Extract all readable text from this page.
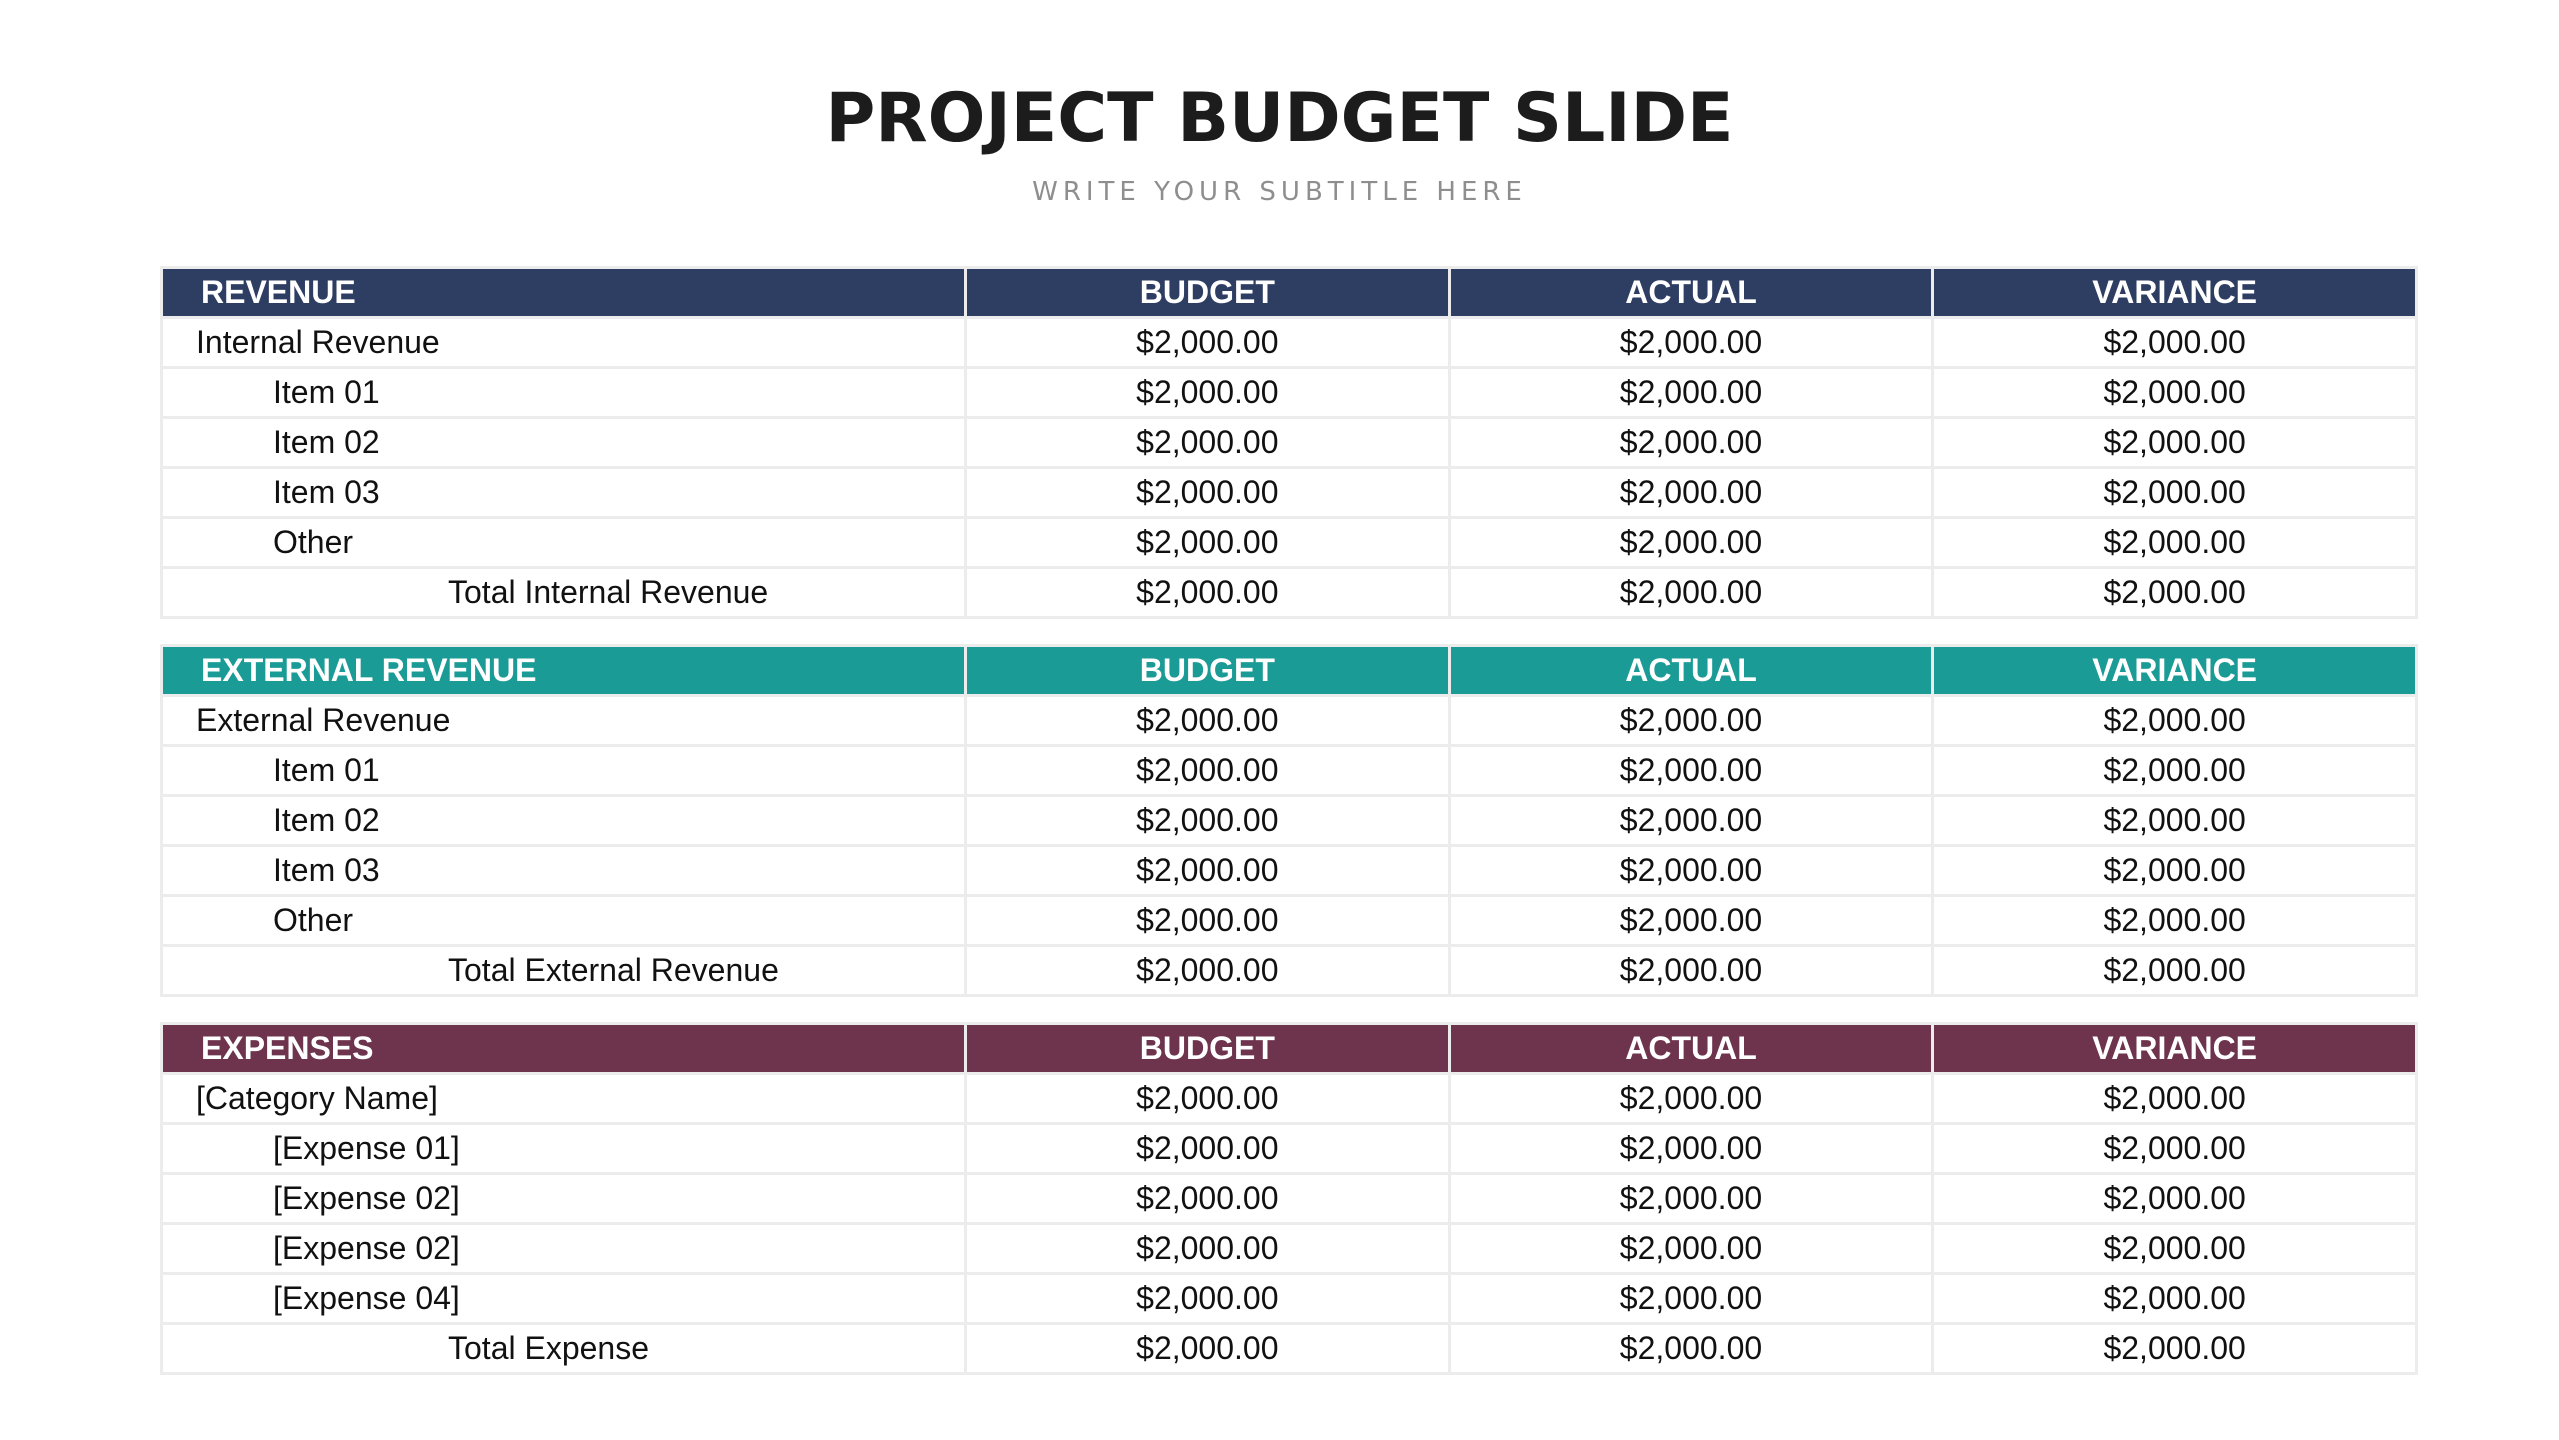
PROJECT BUDGET SLIDE
WRITE YOUR SUBTITLE HERE
REVENUE	BUDGET	ACTUAL	VARIANCE
Internal Revenue	$2,000.00	$2,000.00	$2,000.00
Item 01	$2,000.00	$2,000.00	$2,000.00
Item 02	$2,000.00	$2,000.00	$2,000.00
Item 03	$2,000.00	$2,000.00	$2,000.00
Other	$2,000.00	$2,000.00	$2,000.00
Total Internal Revenue	$2,000.00	$2,000.00	$2,000.00
EXTERNAL REVENUE	BUDGET	ACTUAL	VARIANCE
External Revenue	$2,000.00	$2,000.00	$2,000.00
Item 01	$2,000.00	$2,000.00	$2,000.00
Item 02	$2,000.00	$2,000.00	$2,000.00
Item 03	$2,000.00	$2,000.00	$2,000.00
Other	$2,000.00	$2,000.00	$2,000.00
Total External Revenue	$2,000.00	$2,000.00	$2,000.00
EXPENSES	BUDGET	ACTUAL	VARIANCE
[Category Name]	$2,000.00	$2,000.00	$2,000.00
[Expense 01]	$2,000.00	$2,000.00	$2,000.00
[Expense 02]	$2,000.00	$2,000.00	$2,000.00
[Expense 02]	$2,000.00	$2,000.00	$2,000.00
[Expense 04]	$2,000.00	$2,000.00	$2,000.00
Total Expense	$2,000.00	$2,000.00	$2,000.00
